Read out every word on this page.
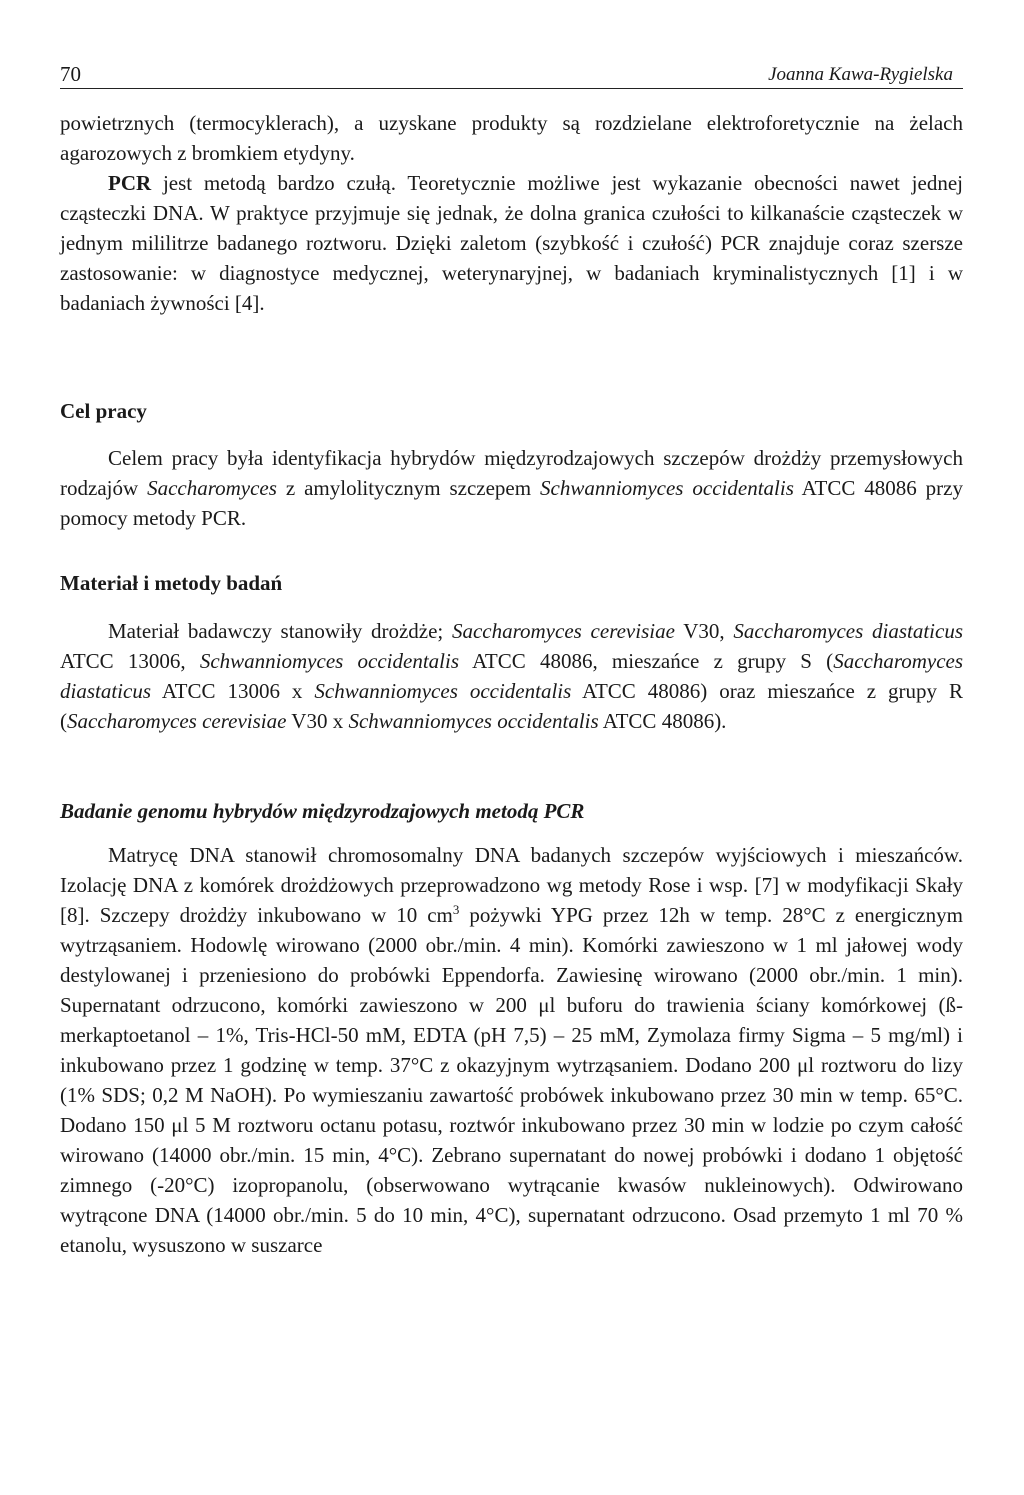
70	Joanna Kawa-Rygielska

powietrznych (termocyklerach), a uzyskane produkty są rozdzielane elektroforetycznie na żelach agarozowych z bromkiem etydyny.

PCR jest metodą bardzo czułą. Teoretycznie możliwe jest wykazanie obecności nawet jednej cząsteczki DNA. W praktyce przyjmuje się jednak, że dolna granica czułości to kilkanaście cząsteczek w jednym mililitrze badanego roztworu. Dzięki zaletom (szybkość i czułość) PCR znajduje coraz szersze zastosowanie: w diagnostyce medycznej, weterynaryjnej, w badaniach kryminalistycznych [1] i w badaniach żywności [4].

Cel pracy

Celem pracy była identyfikacja hybrydów międzyrodzajowych szczepów drożdży przemysłowych rodzajów Saccharomyces z amylolitycznym szczepem Schwanniomyces occidentalis ATCC 48086 przy pomocy metody PCR.

Materiał i metody badań

Materiał badawczy stanowiły drożdże; Saccharomyces cerevisiae V30, Saccharomyces diastaticus ATCC 13006, Schwanniomyces occidentalis ATCC 48086, mieszańce z grupy S (Saccharomyces diastaticus ATCC 13006 x Schwanniomyces occidentalis ATCC 48086) oraz mieszańce z grupy R (Saccharomyces cerevisiae V30 x Schwanniomyces occidentalis ATCC 48086).

Badanie genomu hybrydów międzyrodzajowych metodą PCR

Matrycę DNA stanowił chromosomalny DNA badanych szczepów wyjściowych i mieszańców. Izolację DNA z komórek drożdżowych przeprowadzono wg metody Rose i wsp. [7] w modyfikacji Skały [8]. Szczepy drożdży inkubowano w 10 $cm^3$ pożywki YPG przez 12h w temp. 28°C z energicznym wytrząsaniem. Hodowlę wirowano (2000 obr./min. 4 min). Komórki zawieszono w 1 ml jałowej wody destylowanej i przeniesiono do probówki Eppendorfa. Zawiesinę wirowano (2000 obr./min. 1 min). Supernatant odrzucono, komórki zawieszono w 200 μl buforu do trawienia ściany komórkowej (ß-merkaptoetanol – 1%, Tris-HCl-50 mM, EDTA (pH 7,5) – 25 mM, Zymolaza firmy Sigma – 5 mg/ml) i inkubowano przez 1 godzinę w temp. 37°C z okazyjnym wytrząsaniem. Dodano 200 μl roztworu do lizy (1% SDS; 0,2 M NaOH). Po wymieszaniu zawartość probówek inkubowano przez 30 min w temp. 65°C. Dodano 150 μl 5 M roztworu octanu potasu, roztwór inkubowano przez 30 min w lodzie po czym całość wirowano (14000 obr./min. 15 min, 4°C). Zebrano supernatant do nowej probówki i dodano 1 objętość zimnego (-20°C) izopropanolu, (obserwowano wytrącanie kwasów nukleinowych). Odwirowano wytrącone DNA (14000 obr./min. 5 do 10 min, 4°C), supernatant odrzucono. Osad przemyto 1 ml 70 % etanolu, wysuszono w suszarce
